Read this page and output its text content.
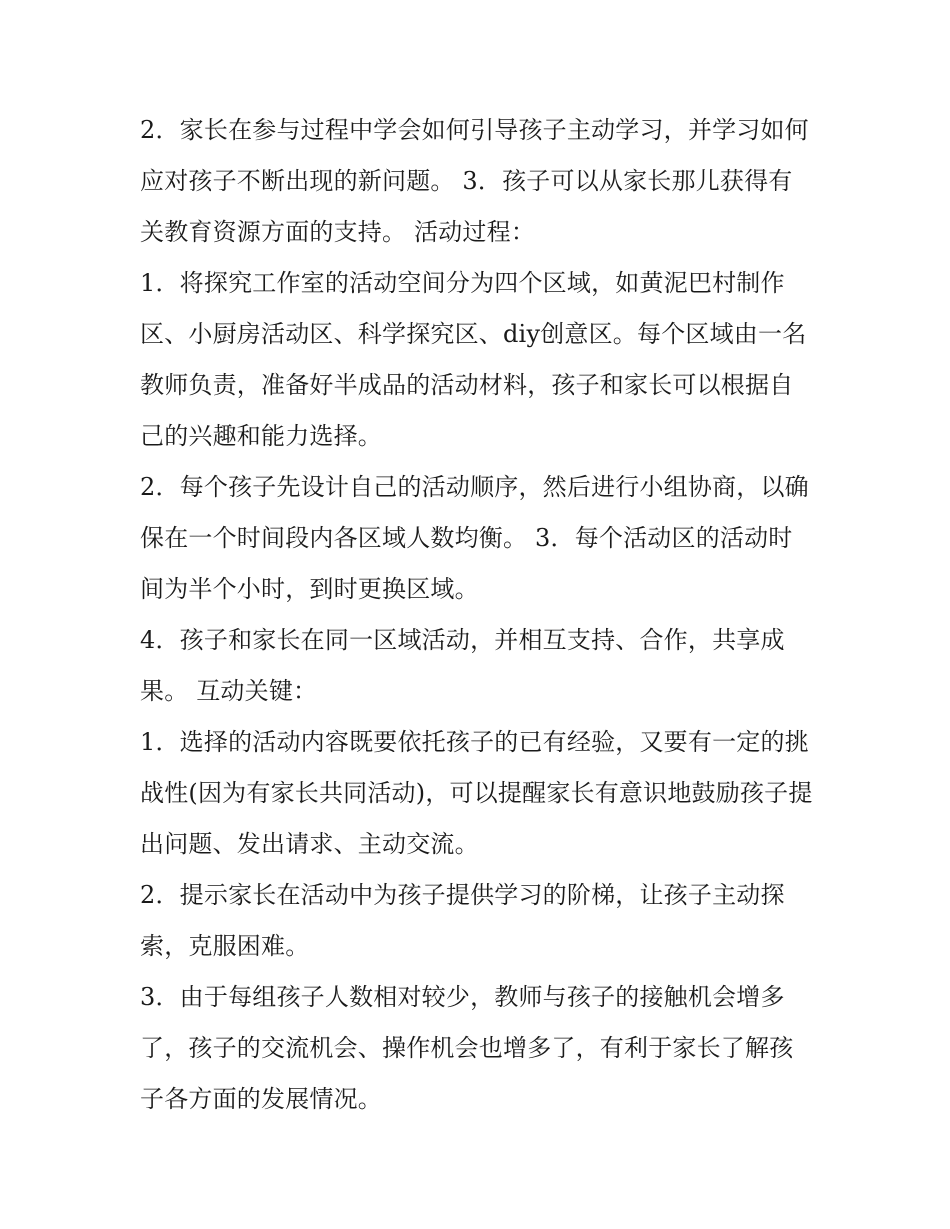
2．家长在参与过程中学会如何引导孩子主动学习，并学习如何应对孩子不断出现的新问题。 3．孩子可以从家长那儿获得有关教育资源方面的支持。 活动过程：

1．将探究工作室的活动空间分为四个区域，如黄泥巴村制作区、小厨房活动区、科学探究区、diy创意区。每个区域由一名教师负责，准备好半成品的活动材料，孩子和家长可以根据自己的兴趣和能力选择。

2．每个孩子先设计自己的活动顺序，然后进行小组协商，以确保在一个时间段内各区域人数均衡。 3．每个活动区的活动时间为半个小时，到时更换区域。

4．孩子和家长在同一区域活动，并相互支持、合作，共享成果。 互动关键：

1．选择的活动内容既要依托孩子的已有经验，又要有一定的挑战性(因为有家长共同活动)，可以提醒家长有意识地鼓励孩子提出问题、发出请求、主动交流。

2．提示家长在活动中为孩子提供学习的阶梯，让孩子主动探索，克服困难。

3．由于每组孩子人数相对较少，教师与孩子的接触机会增多了，孩子的交流机会、操作机会也增多了，有利于家长了解孩子各方面的发展情况。
